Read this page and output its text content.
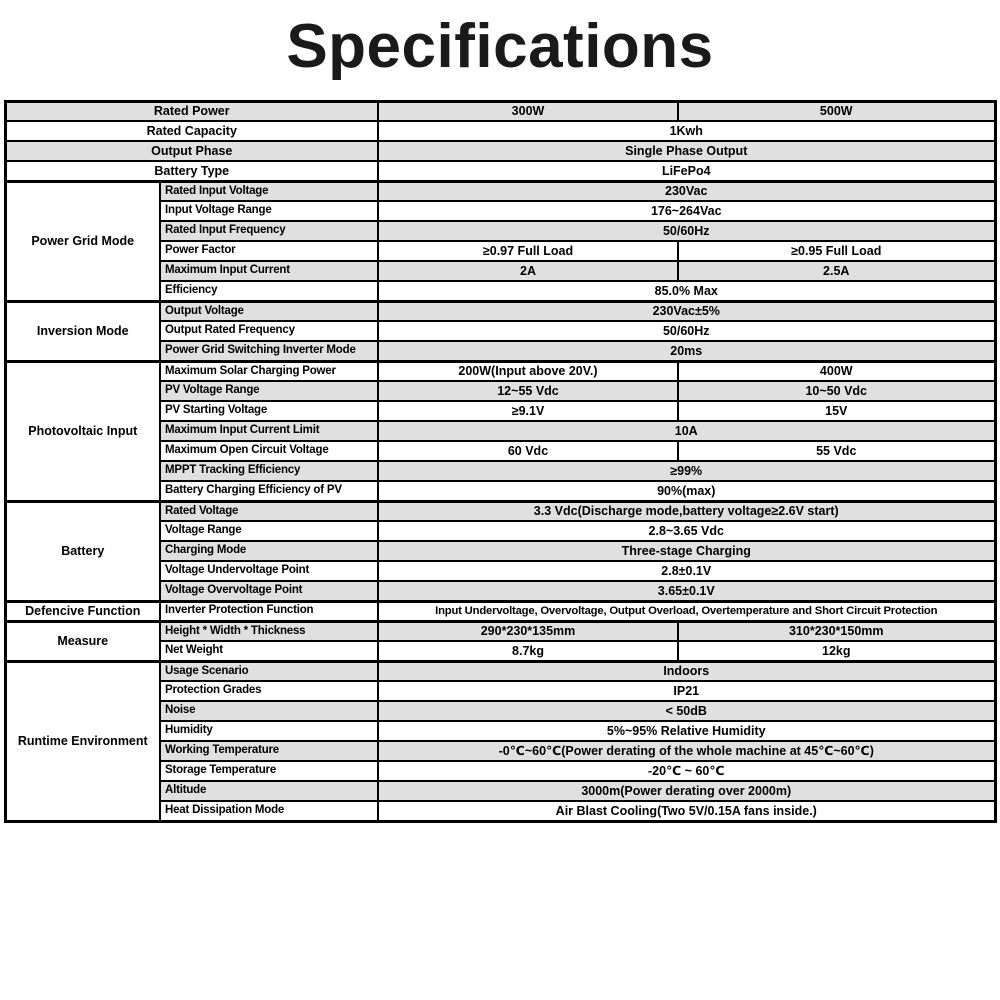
Specifications
Rated Power		300W	500W
Rated Capacity		1Kwh	
Output Phase		Single Phase Output	
Battery Type		LiFePo4	
Power Grid Mode	Rated Input Voltage	230Vac	
	Input Voltage Range	176~264Vac	
	Rated Input Frequency	50/60Hz	
	Power Factor	≥0.97 Full Load	≥0.95 Full Load
	Maximum Input Current	2A	2.5A
	Efficiency	85.0% Max	
Inversion Mode	Output Voltage	230Vac±5%	
	Output Rated Frequency	50/60Hz	
	Power Grid Switching Inverter Mode	20ms	
Photovoltaic Input	Maximum Solar Charging Power	200W(Input above 20V.)	400W
	PV Voltage Range	12~55 Vdc	10~50 Vdc
	PV Starting Voltage	≥9.1V	15V
	Maximum Input Current Limit	10A	
	Maximum Open Circuit Voltage	60 Vdc	55 Vdc
	MPPT Tracking Efficiency	≥99%	
	Battery Charging Efficiency of PV	90%(max)	
Battery	Rated Voltage	3.3 Vdc(Discharge mode,battery voltage≥2.6V start)	
	Voltage Range	2.8~3.65 Vdc	
	Charging Mode	Three-stage Charging	
	Voltage Undervoltage Point	2.8±0.1V	
	Voltage Overvoltage Point	3.65±0.1V	
Defencive Function	Inverter Protection Function	Input Undervoltage, Overvoltage, Output Overload, Overtemperature and Short Circuit Protection	
Measure	Height * Width * Thickness	290*230*135mm	310*230*150mm
	Net Weight	8.7kg	12kg
Runtime Environment	Usage Scenario	Indoors	
	Protection Grades	IP21	
	Noise	< 50dB	
	Humidity	5%~95% Relative Humidity	
	Working Temperature	-0℃~60℃(Power derating of the whole machine at 45℃~60℃)	
	Storage Temperature	-20℃ ~ 60℃	
	Altitude	3000m(Power derating over 2000m)	
	Heat Dissipation Mode	Air Blast Cooling(Two 5V/0.15A fans inside.)	
